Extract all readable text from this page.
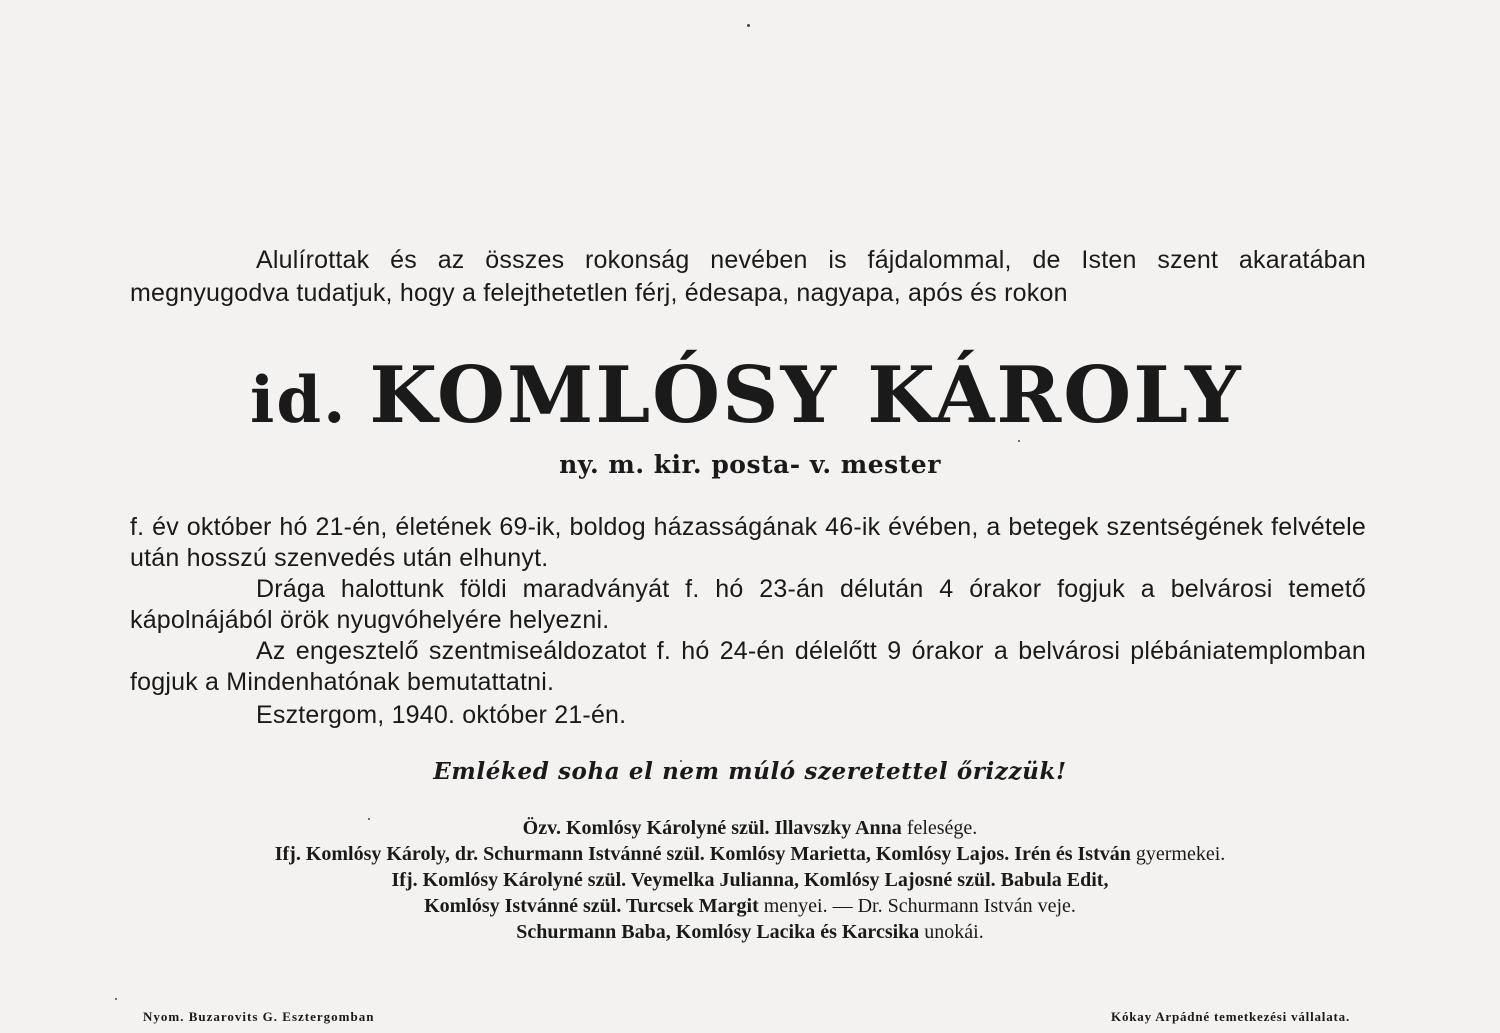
Alulírottak és az összes rokonság nevében is fájdalommal, de Isten szent akaratában megnyugodva tudatjuk, hogy a felejthetetlen férj, édesapa, nagyapa, após és rokon
id. KOMLÓSY KÁROLY
ny. m. kir. posta- v. mester

f. év október hó 21-én, életének 69-ik, boldog házasságának 46-ik évében, a betegek szentségének felvétele után hosszú szenvedés után elhunyt.

Drága halottunk földi maradványát f. hó 23-án délután 4 órakor fogjuk a belvárosi temető kápolnájából örök nyugvóhelyére helyezni.

Az engesztelő szentmiseáldozatot f. hó 24-én délelőtt 9 órakor a belvárosi plébániatemplomban fogjuk a Mindenhatónak bemutattatni.

Esztergom, 1940. október 21-én.

Emléked soha el nem múló szeretettel őrizzük!
Özv. Komlósy Károlyné szül. Illavszky Anna felesége.
Ifj. Komlósy Károly, dr. Schurmann Istvánné szül. Komlósy Marietta, Komlósy Lajos. Irén és István gyermekei.
Ifj. Komlósy Károlyné szül. Veymelka Julianna, Komlósy Lajosné szül. Babula Edit,
Komlósy Istvánné szül. Turcsek Margit menyei. — Dr. Schurmann István veje.
Schurmann Baba, Komlósy Lacika és Karcsika unokái.
Nyom. Buzarovits G. Esztergomban	Kókay Arpádné temetkezési vállalata.
